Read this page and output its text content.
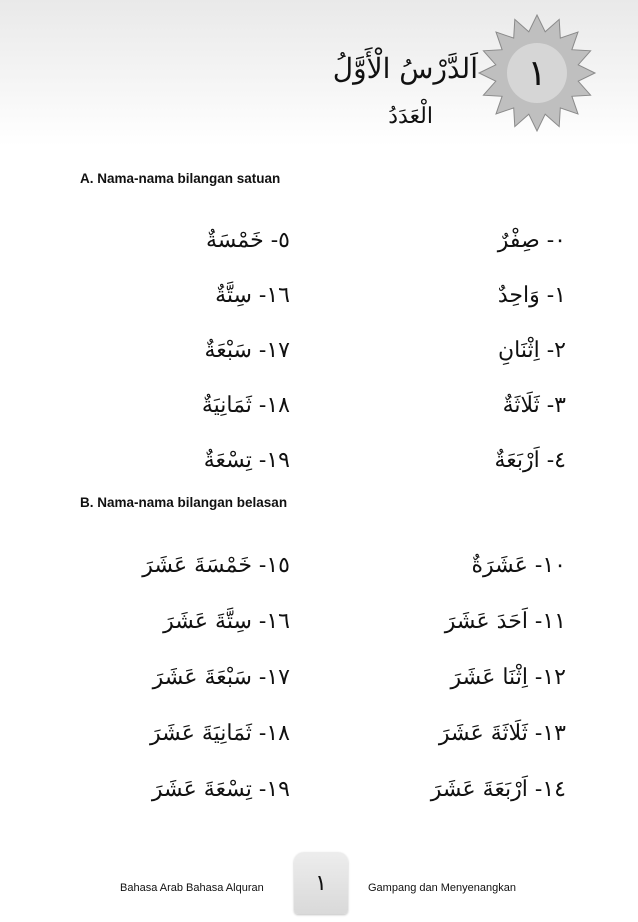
١
اَلدَّرْسُ الْأَوَّلُ
الْعَدَدُ
A. Nama-nama bilangan satuan
٠- صِفْرٌ
١- وَاحِدٌ
٢- اِثْنَانِ
٣- ثَلَاثَةٌ
٤- اَرْبَعَةٌ
٥- خَمْسَةٌ
١٦- سِتَّةٌ
١٧- سَبْعَةٌ
١٨- ثَمَانِيَةٌ
١٩- تِسْعَةٌ
B. Nama-nama bilangan belasan
١٠- عَشَرَةٌ
١١- اَحَدَ عَشَرَ
١٢- اِثْنَا عَشَرَ
١٣- ثَلَاثَةَ عَشَرَ
١٤- اَرْبَعَةَ عَشَرَ
١٥- خَمْسَةَ عَشَرَ
١٦- سِتَّةَ عَشَرَ
١٧- سَبْعَةَ عَشَرَ
١٨- ثَمَانِيَةَ عَشَرَ
١٩- تِسْعَةَ عَشَرَ
Bahasa Arab Bahasa Alquran	١	Gampang dan Menyenangkan
